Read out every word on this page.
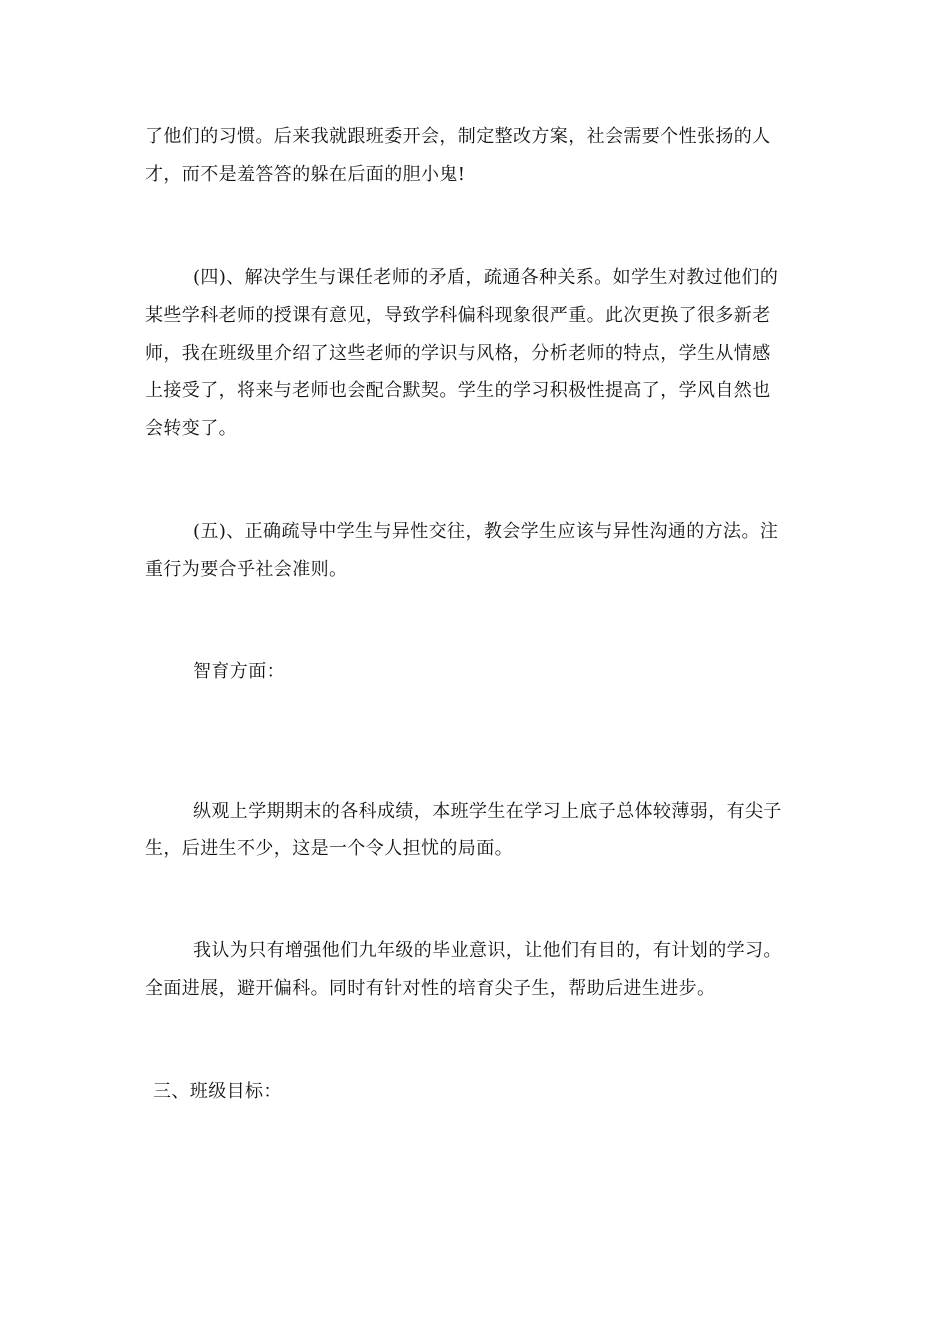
了他们的习惯。后来我就跟班委开会，制定整改方案，社会需要个性张扬的人
才，而不是羞答答的躲在后面的胆小鬼!
(四)、解决学生与课任老师的矛盾，疏通各种关系。如学生对教过他们的
某些学科老师的授课有意见，导致学科偏科现象很严重。此次更换了很多新老
师，我在班级里介绍了这些老师的学识与风格，分析老师的特点，学生从情感
上接受了，将来与老师也会配合默契。学生的学习积极性提高了，学风自然也
会转变了。
(五)、正确疏导中学生与异性交往，教会学生应该与异性沟通的方法。注
重行为要合乎社会准则。
智育方面：
纵观上学期期末的各科成绩，本班学生在学习上底子总体较薄弱，有尖子
生，后进生不少，这是一个令人担忧的局面。
我认为只有增强他们九年级的毕业意识，让他们有目的，有计划的学习。
全面进展，避开偏科。同时有针对性的培育尖子生，帮助后进生进步。
三、班级目标：
